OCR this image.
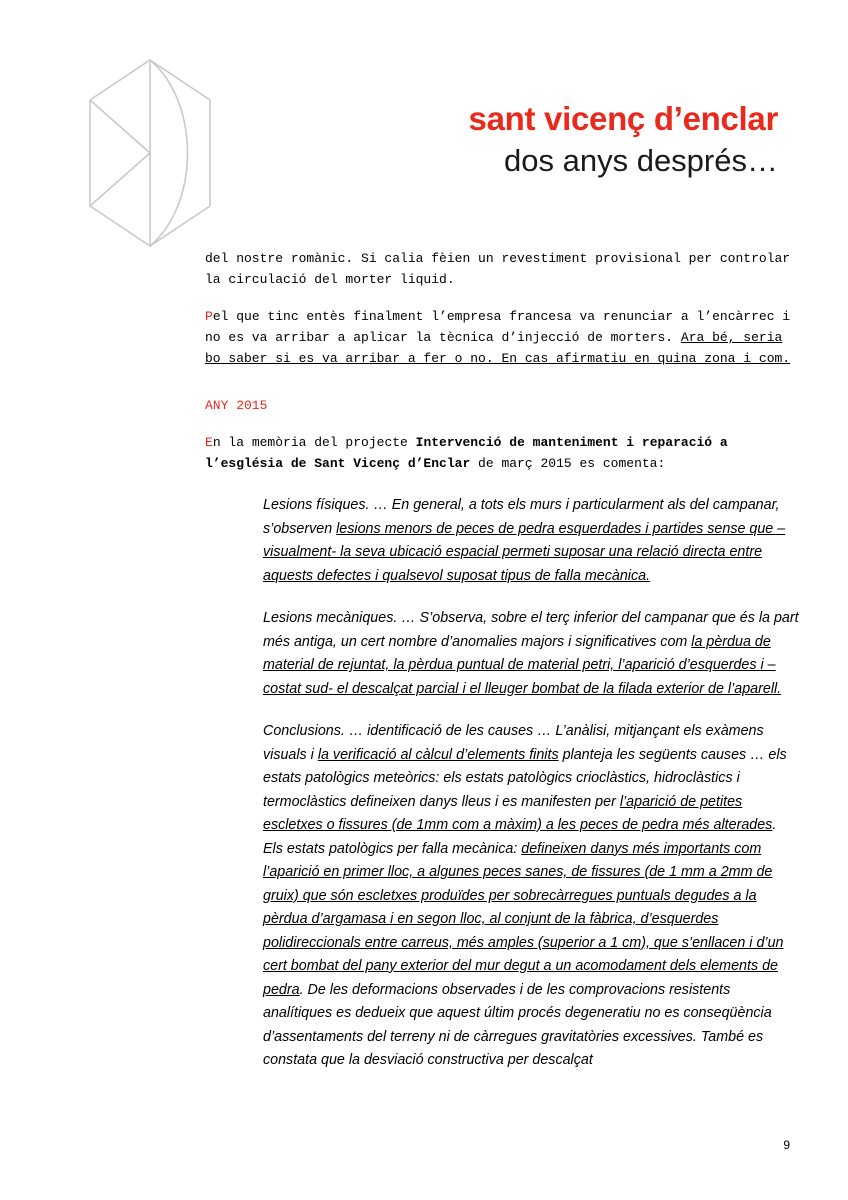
sant vicenç d’enclar
dos anys després…

del nostre romànic. Si calia fèien un revestiment provisional per controlar la circulació del morter liquid.

Pel que tinc entès finalment l’empresa francesa va renunciar a l’encàrrec i no es va arribar a aplicar la tècnica d’injecció de morters. Ara bé, seria bo saber si es va arribar a fer o no. En cas afirmatiu en quina zona i com.

ANY 2015

En la memòria del projecte Intervenció de manteniment i reparació a l’església de Sant Vicenç d’Enclar de març 2015 es comenta:

Lesions físiques. … En general, a tots els murs i particularment als del campanar, s’observen lesions menors de peces de pedra esquerdades i partides sense que –visualment- la seva ubicació espacial permeti suposar una relació directa entre aquests defectes i qualsevol suposat tipus de falla mecànica.

Lesions mecàniques. … S’observa, sobre el terç inferior del campanar que és la part més antiga, un cert nombre d’anomalies majors i significatives com la pèrdua de material de rejuntat, la pèrdua puntual de material petri, l’aparició d’esquerdes i –costat sud- el descalçat parcial i el lleuger bombat de la filada exterior de l’aparell.

Conclusions. … identificació de les causes … L’anàlisi, mitjançant els exàmens visuals i la verificació al càlcul d’elements finits planteja les següents causes … els estats patològics meteòrics: els estats patològics crioclàstics, hidroclàstics i termoclàstics defineixen danys lleus i es manifesten per l’aparició de petites escletxes o fissures (de 1mm com a màxim) a les peces de pedra més alterades. Els estats patològics per falla mecànica: defineixen danys més importants com l’aparició en primer lloc, a algunes peces sanes, de fissures (de 1 mm a 2mm de gruix) que són escletxes produïdes per sobrecàrregues puntuals degudes a la pèrdua d’argamasa i en segon lloc, al conjunt de la fàbrica, d’esquerdes polidireccionals entre carreus, més amples (superior a 1 cm), que s’enllacen i d’un cert bombat del pany exterior del mur degut a un acomodament dels elements de pedra. De les deformacions observades i de les comprovacions resistents analítiques es dedueix que aquest últim procés degeneratiu no es conseqüència d’assentaments del terreny ni de càrregues gravitatòries excessives. També es constata que la desviació constructiva per descalçat

9
